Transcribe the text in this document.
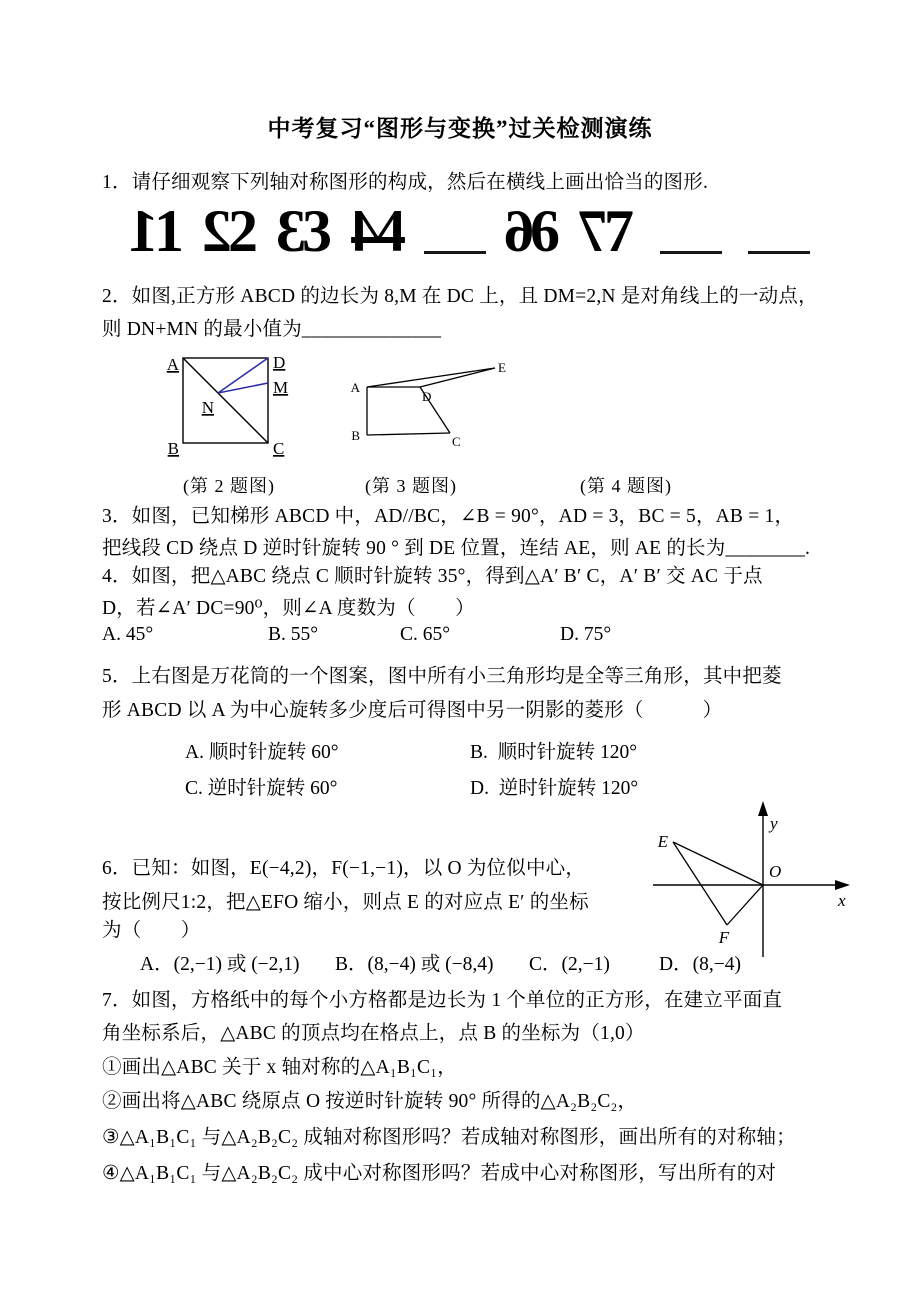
中考复习“图形与变换”过关检测演练
1．请仔细观察下列轴对称图形的构成，然后在横线上画出恰当的图形.
1
1 2
2 3
3 4
4 6
6 7
7
2．如图,正方形 ABCD 的边长为 8,M 在 DC 上，且 DM=2,N 是对角线上的一动点，
则 DN+MN 的最小值为______________
A	D
M
N
B	C
A
B	C
D
E
(第 2 题图)	(第 3 题图)	(第 4 题图)
3．如图，已知梯形 ABCD 中，AD//BC，∠B = 90°，AD = 3，BC = 5，AB = 1，
把线段 CD 绕点 D 逆时针旋转 90 ° 到 DE 位置，连结 AE，则 AE 的长为________.
4．如图，把△ABC 绕点 C 顺时针旋转 35°，得到△A′ B′ C，A′ B′ 交 AC 于点
D，若∠A′ DC=90⁰，则∠A 度数为（　　）
A. 45°	B. 55°	C. 65°	D. 75°
5．上右图是万花筒的一个图案，图中所有小三角形均是全等三角形，其中把菱
形 ABCD 以 A 为中心旋转多少度后可得图中另一阴影的菱形（　　　）
A. 顺时针旋转 60°	B.  顺时针旋转 120°
C. 逆时针旋转 60°	D.  逆时针旋转 120°
y
x
O
E
F
6．已知：如图，E(−4,2)，F(−1,−1)，以 O 为位似中心，
按比例尺1:2，把△EFO 缩小，则点 E 的对应点 E′ 的坐标
为（　　）
A．(2,−1) 或 (−2,1) B．(8,−4) 或 (−8,4) C．(2,−1)	D．(8,−4)
7．如图，方格纸中的每个小方格都是边长为 1 个单位的正方形，在建立平面直
角坐标系后，△ABC 的顶点均在格点上，点 B 的坐标为（1,0）
①画出△ABC 关于 x 轴对称的△A₁B₁C₁，
②画出将△ABC 绕原点 O 按逆时针旋转 90° 所得的△A₂B₂C₂，
③△A₁B₁C₁ 与△A₂B₂C₂ 成轴对称图形吗？若成轴对称图形，画出所有的对称轴；
④△A₁B₁C₁ 与△A₂B₂C₂ 成中心对称图形吗？若成中心对称图形，写出所有的对
